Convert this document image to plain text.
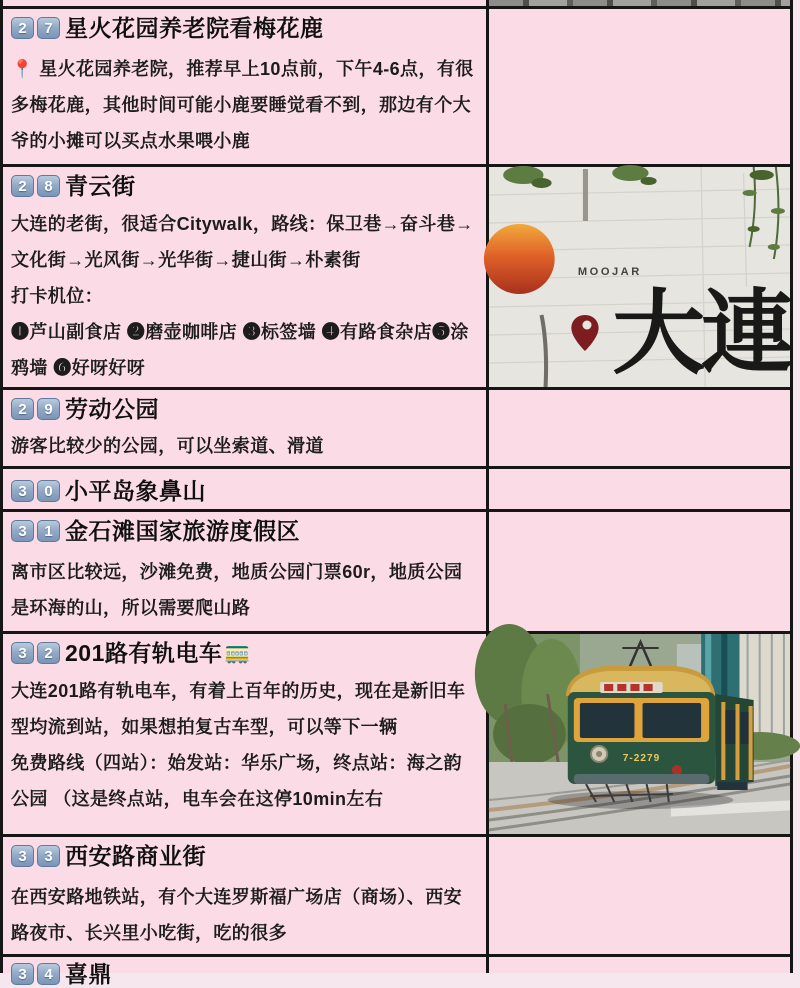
2	7 星火花园养老院看梅花鹿

📍 星火花园养老院，推荐早上10点前，下午4-6点，有很多梅花鹿，其他时间可能小鹿要睡觉看不到，那边有个大爷的小摊可以买点水果喂小鹿

2	8 青云街

大连的老街，很适合Citywalk，路线：保卫巷→奋斗巷→文化街→光风街→光华街→捷山街→朴素街

打卡机位：

❶芦山副食店 ❷磨壶咖啡店 ❸标签墙 ❹有路食杂店❺涂鸦墙 ❻好呀好呀

MOOJAR
大連
2	9 劳动公园

游客比较少的公园，可以坐索道、滑道

3	0 小平岛象鼻山
3	1 金石滩国家旅游度假区

离市区比较远，沙滩免费，地质公园门票60r，地质公园是环海的山，所以需要爬山路

3	2 201路有轨电车 🚃

大连201路有轨电车，有着上百年的历史，现在是新旧车型均流到站，如果想拍复古车型，可以等下一辆

免费路线（四站）：始发站：华乐广场，终点站：海之韵公园 （这是终点站，电车会在这停10min左右

7-2279
3	3 西安路商业街

在西安路地铁站，有个大连罗斯福广场店（商场）、西安路夜市、长兴里小吃街，吃的很多

3	4 喜鼎
